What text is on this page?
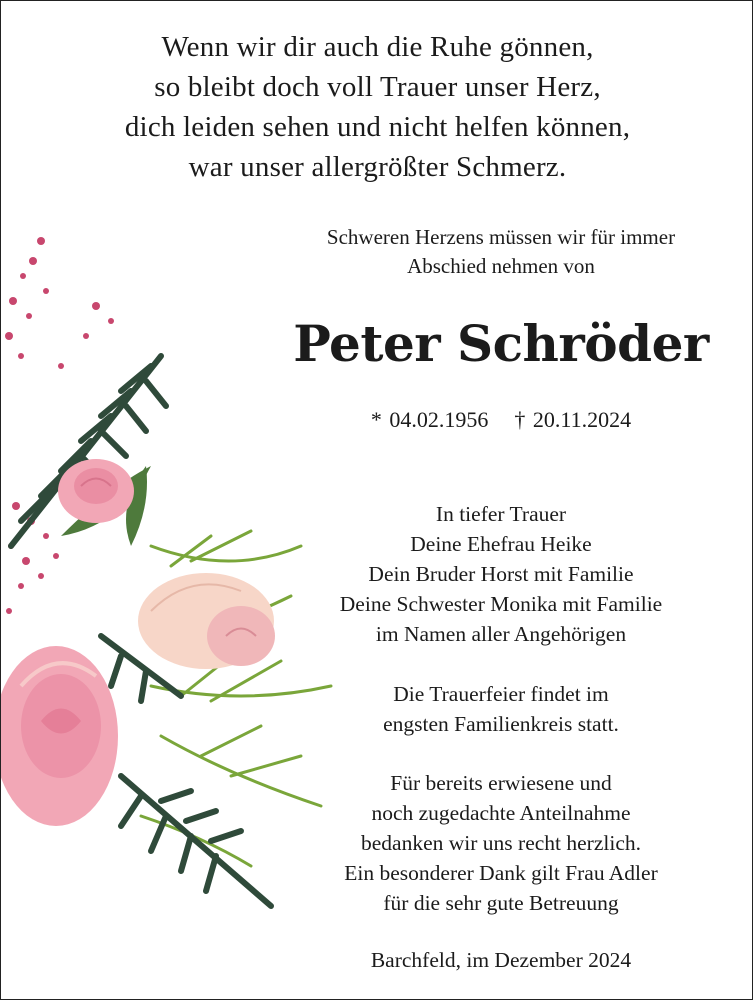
Wenn wir dir auch die Ruhe gönnen,
so bleibt doch voll Trauer unser Herz,
dich leiden sehen und nicht helfen können,
war unser allergrößter Schmerz.
Schweren Herzens müssen wir für immer
Abschied nehmen von
Peter Schröder
* 04.02.1956 † 20.11.2024
In tiefer Trauer
Deine Ehefrau Heike
Dein Bruder Horst mit Familie
Deine Schwester Monika mit Familie
im Namen aller Angehörigen
Die Trauerfeier findet im
engsten Familienkreis statt.
Für bereits erwiesene und
noch zugedachte Anteilnahme
bedanken wir uns recht herzlich.
Ein besonderer Dank gilt Frau Adler
für die sehr gute Betreuung
Barchfeld, im Dezember 2024
